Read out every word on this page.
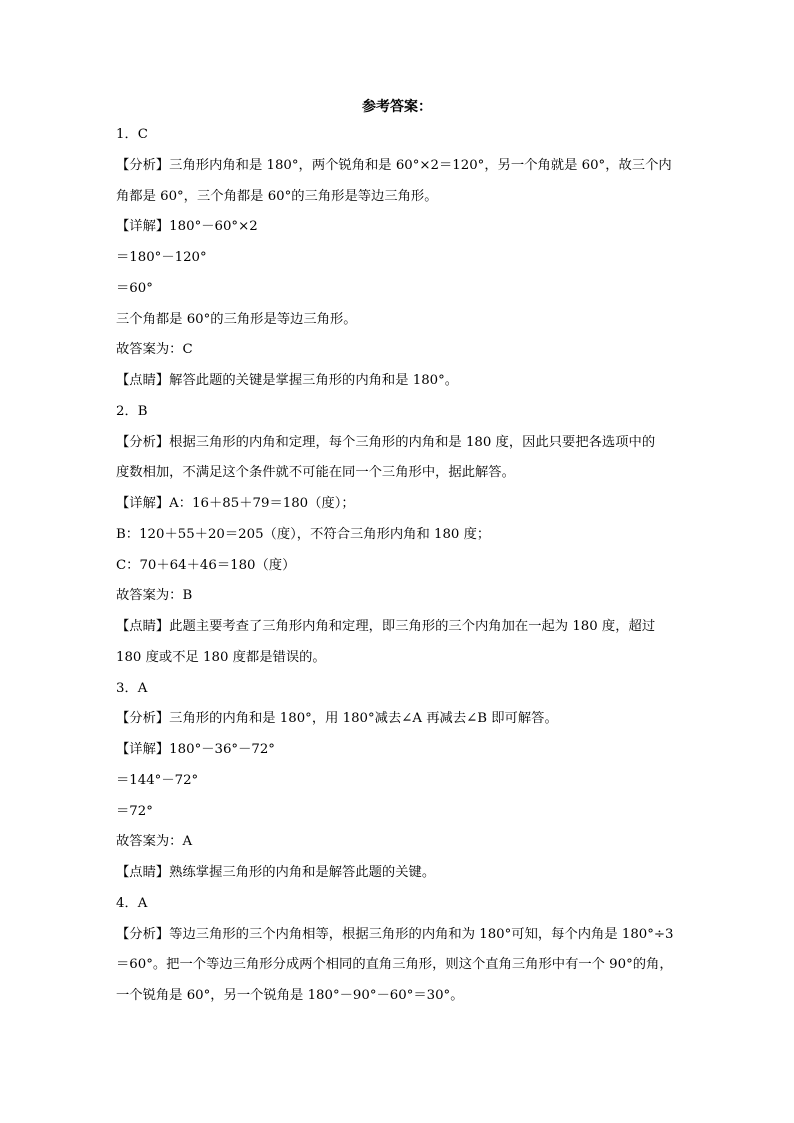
参考答案：
1．C
【分析】三角形内角和是 180°，两个锐角和是 60°×2＝120°，另一个角就是 60°，故三个内
角都是 60°，三个角都是 60°的三角形是等边三角形。
【详解】180°－60°×2
＝180°－120°
＝60°
三个角都是 60°的三角形是等边三角形。
故答案为：C
【点睛】解答此题的关键是掌握三角形的内角和是 180°。
2．B
【分析】根据三角形的内角和定理，每个三角形的内角和是 180 度，因此只要把各选项中的
度数相加，不满足这个条件就不可能在同一个三角形中，据此解答。
【详解】A：16＋85＋79＝180（度）；
B：120＋55＋20＝205（度），不符合三角形内角和 180 度；
C：70＋64＋46＝180（度）
故答案为：B
【点睛】此题主要考查了三角形内角和定理，即三角形的三个内角加在一起为 180 度，超过
180 度或不足 180 度都是错误的。
3．A
【分析】三角形的内角和是 180°，用 180°减去∠A 再减去∠B 即可解答。
【详解】180°－36°－72°
＝144°－72°
＝72°
故答案为：A
【点睛】熟练掌握三角形的内角和是解答此题的关键。
4．A
【分析】等边三角形的三个内角相等，根据三角形的内角和为 180°可知，每个内角是 180°÷3
＝60°。把一个等边三角形分成两个相同的直角三角形，则这个直角三角形中有一个 90°的角，
一个锐角是 60°，另一个锐角是 180°－90°－60°＝30°。
